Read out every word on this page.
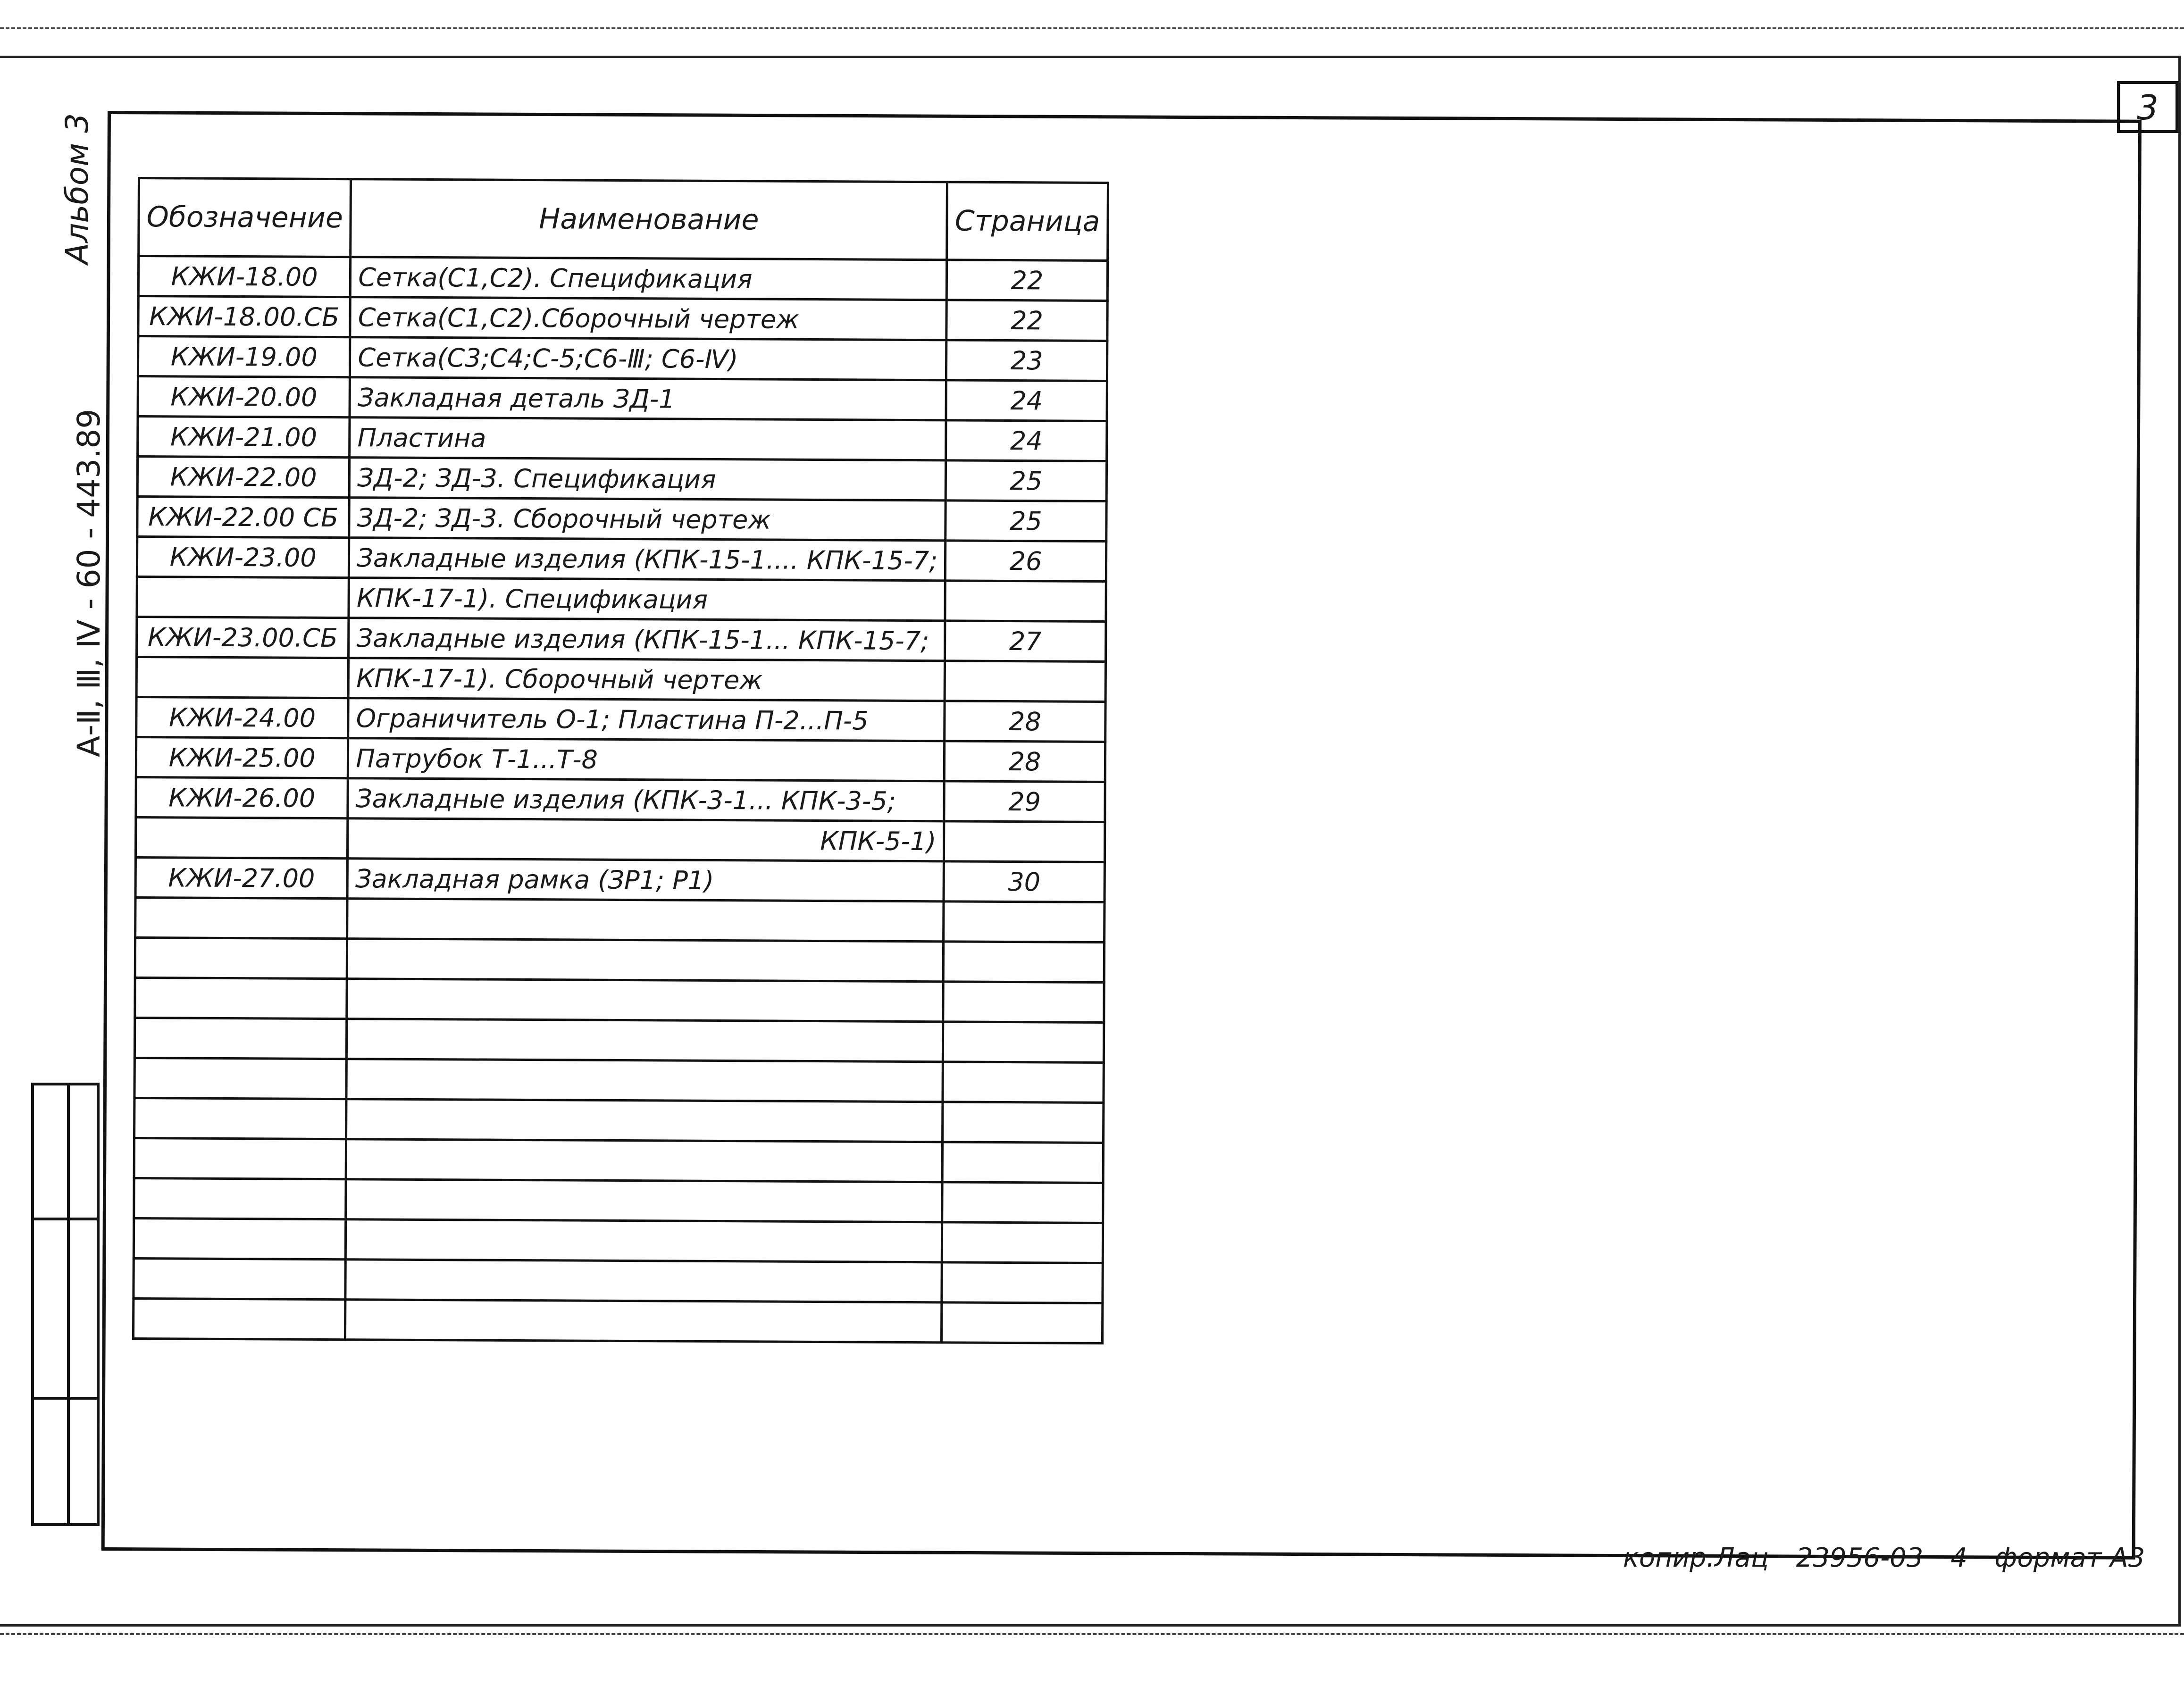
3
Альбом 3
А-Ⅱ, Ⅲ, Ⅳ - 60 - 443.89
Обозначение	Наименование	Страница
КЖИ-18.00	Сетка(С1,С2). Спецификация	22
КЖИ-18.00.СБ	Сетка(С1,С2).Сборочный чертеж	22
КЖИ-19.00	Сетка(С3;С4;С-5;С6-Ⅲ; С6-Ⅳ)	23
КЖИ-20.00	Закладная деталь ЗД-1	24
КЖИ-21.00	Пластина	24
КЖИ-22.00	ЗД-2; ЗД-3. Спецификация	25
КЖИ-22.00 СБ	ЗД-2; ЗД-3. Сборочный чертеж	25
КЖИ-23.00	Закладные изделия (КПК-15-1.... КПК-15-7;	26
	КПК-17-1). Спецификация	
КЖИ-23.00.СБ	Закладные изделия (КПК-15-1... КПК-15-7;	27
	КПК-17-1). Сборочный чертеж	
КЖИ-24.00	Ограничитель О-1; Пластина П-2...П-5	28
КЖИ-25.00	Патрубок Т-1...Т-8	28
КЖИ-26.00	Закладные изделия (КПК-3-1... КПК-3-5;	29
	КПК-5-1)	
КЖИ-27.00	Закладная рамка (ЗР1; Р1)	30

копир.Лац 23956-03 4 формат А3
